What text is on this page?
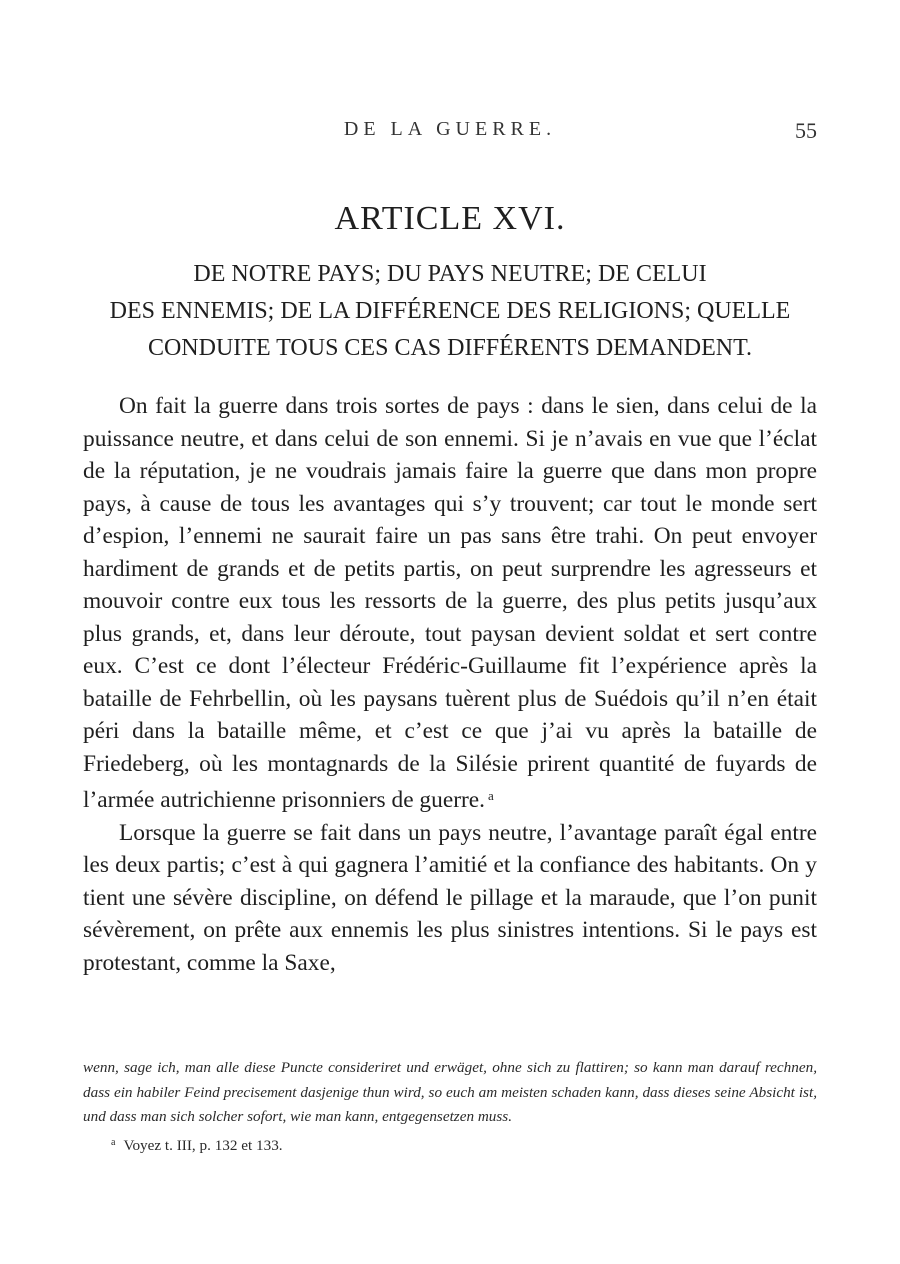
DE LA GUERRE.	55
ARTICLE XVI.
DE NOTRE PAYS; DU PAYS NEUTRE; DE CELUI
DES ENNEMIS; DE LA DIFFÉRENCE DES RELIGIONS; QUELLE
CONDUITE TOUS CES CAS DIFFÉRENTS DEMANDENT.

On fait la guerre dans trois sortes de pays : dans le sien, dans celui de la puissance neutre, et dans celui de son ennemi. Si je n’avais en vue que l’éclat de la réputation, je ne voudrais jamais faire la guerre que dans mon propre pays, à cause de tous les avantages qui s’y trouvent; car tout le monde sert d’espion, l’ennemi ne saurait faire un pas sans être trahi. On peut envoyer hardiment de grands et de petits partis, on peut surprendre les agresseurs et mouvoir contre eux tous les ressorts de la guerre, des plus petits jusqu’aux plus grands, et, dans leur déroute, tout paysan devient soldat et sert contre eux. C’est ce dont l’électeur Frédéric-Guillaume fit l’expérience après la bataille de Fehrbellin, où les paysans tuèrent plus de Suédois qu’il n’en était péri dans la bataille même, et c’est ce que j’ai vu après la bataille de Friedeberg, où les montagnards de la Silésie prirent quantité de fuyards de l’armée autrichienne prisonniers de guerre. $^a$

Lorsque la guerre se fait dans un pays neutre, l’avantage paraît égal entre les deux partis; c’est à qui gagnera l’amitié et la confiance des habitants. On y tient une sévère discipline, on défend le pillage et la maraude, que l’on punit sévèrement, on prête aux ennemis les plus sinistres intentions. Si le pays est protestant, comme la Saxe,

wenn, sage ich, man alle diese Puncte consideriret und erwäget, ohne sich zu flattiren; so kann man darauf rechnen, dass ein habiler Feind precisement dasjenige thun wird, so euch am meisten schaden kann, dass dieses seine Absicht ist, und dass man sich solcher sofort, wie man kann, entgegensetzen muss.

$^a$ Voyez t. III, p. 132 et 133.
